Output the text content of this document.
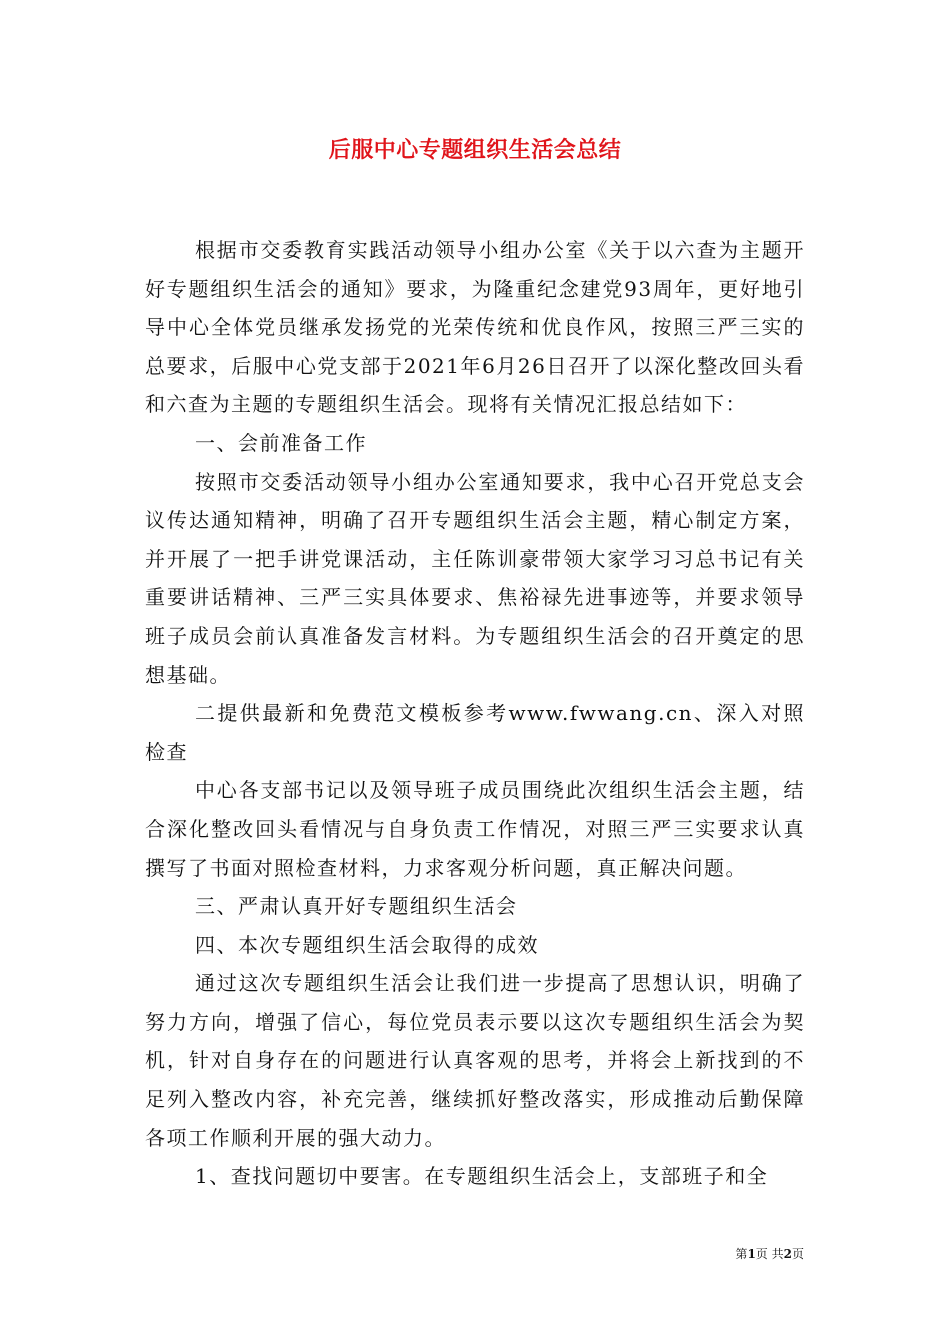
后服中心专题组织生活会总结

根据市交委教育实践活动领导小组办公室《关于以六查为主题开好专题组织生活会的通知》要求，为隆重纪念建党93周年，更好地引导中心全体党员继承发扬党的光荣传统和优良作风，按照三严三实的总要求，后服中心党支部于2021年6月26日召开了以深化整改回头看和六查为主题的专题组织生活会。现将有关情况汇报总结如下：

一、会前准备工作

按照市交委活动领导小组办公室通知要求，我中心召开党总支会议传达通知精神，明确了召开专题组织生活会主题，精心制定方案，并开展了一把手讲党课活动，主任陈训豪带领大家学习习总书记有关重要讲话精神、三严三实具体要求、焦裕禄先进事迹等，并要求领导班子成员会前认真准备发言材料。为专题组织生活会的召开奠定的思想基础。

二提供最新和免费范文模板参考www.fwwang.cn、深入对照检查

中心各支部书记以及领导班子成员围绕此次组织生活会主题，结合深化整改回头看情况与自身负责工作情况，对照三严三实要求认真撰写了书面对照检查材料，力求客观分析问题，真正解决问题。

三、严肃认真开好专题组织生活会

四、本次专题组织生活会取得的成效

通过这次专题组织生活会让我们进一步提高了思想认识，明确了努力方向，增强了信心，每位党员表示要以这次专题组织生活会为契机，针对自身存在的问题进行认真客观的思考，并将会上新找到的不足列入整改内容，补充完善，继续抓好整改落实，形成推动后勤保障各项工作顺利开展的强大动力。

1、查找问题切中要害。在专题组织生活会上，支部班子和全

第1页 共2页
